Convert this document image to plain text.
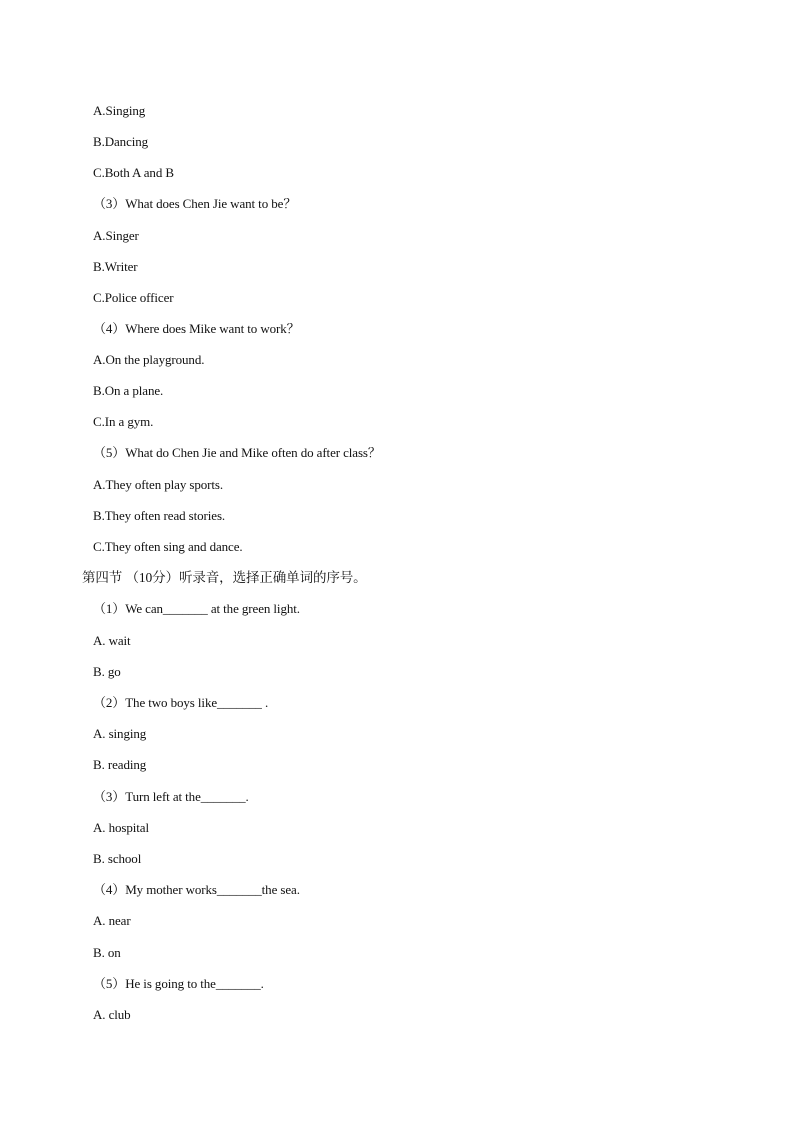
A.Singing
B.Dancing
C.Both A and B
（3）What does Chen Jie want to be？
A.Singer
B.Writer
C.Police officer
（4）Where does Mike want to work？
A.On the playground.
B.On a plane.
C.In a gym.
（5）What do Chen Jie and Mike often do after class？
A.They often play sports.
B.They often read stories.
C.They often sing and dance.
第四节 （10分）听录音，选择正确单词的序号。
（1）We can_______ at the green light.
A. wait
B. go
（2）The two boys like_______ .
A. singing
B. reading
（3）Turn left at the_______.
A. hospital
B. school
（4）My mother works_______the sea.
A. near
B. on
（5）He is going to the_______.
A. club
